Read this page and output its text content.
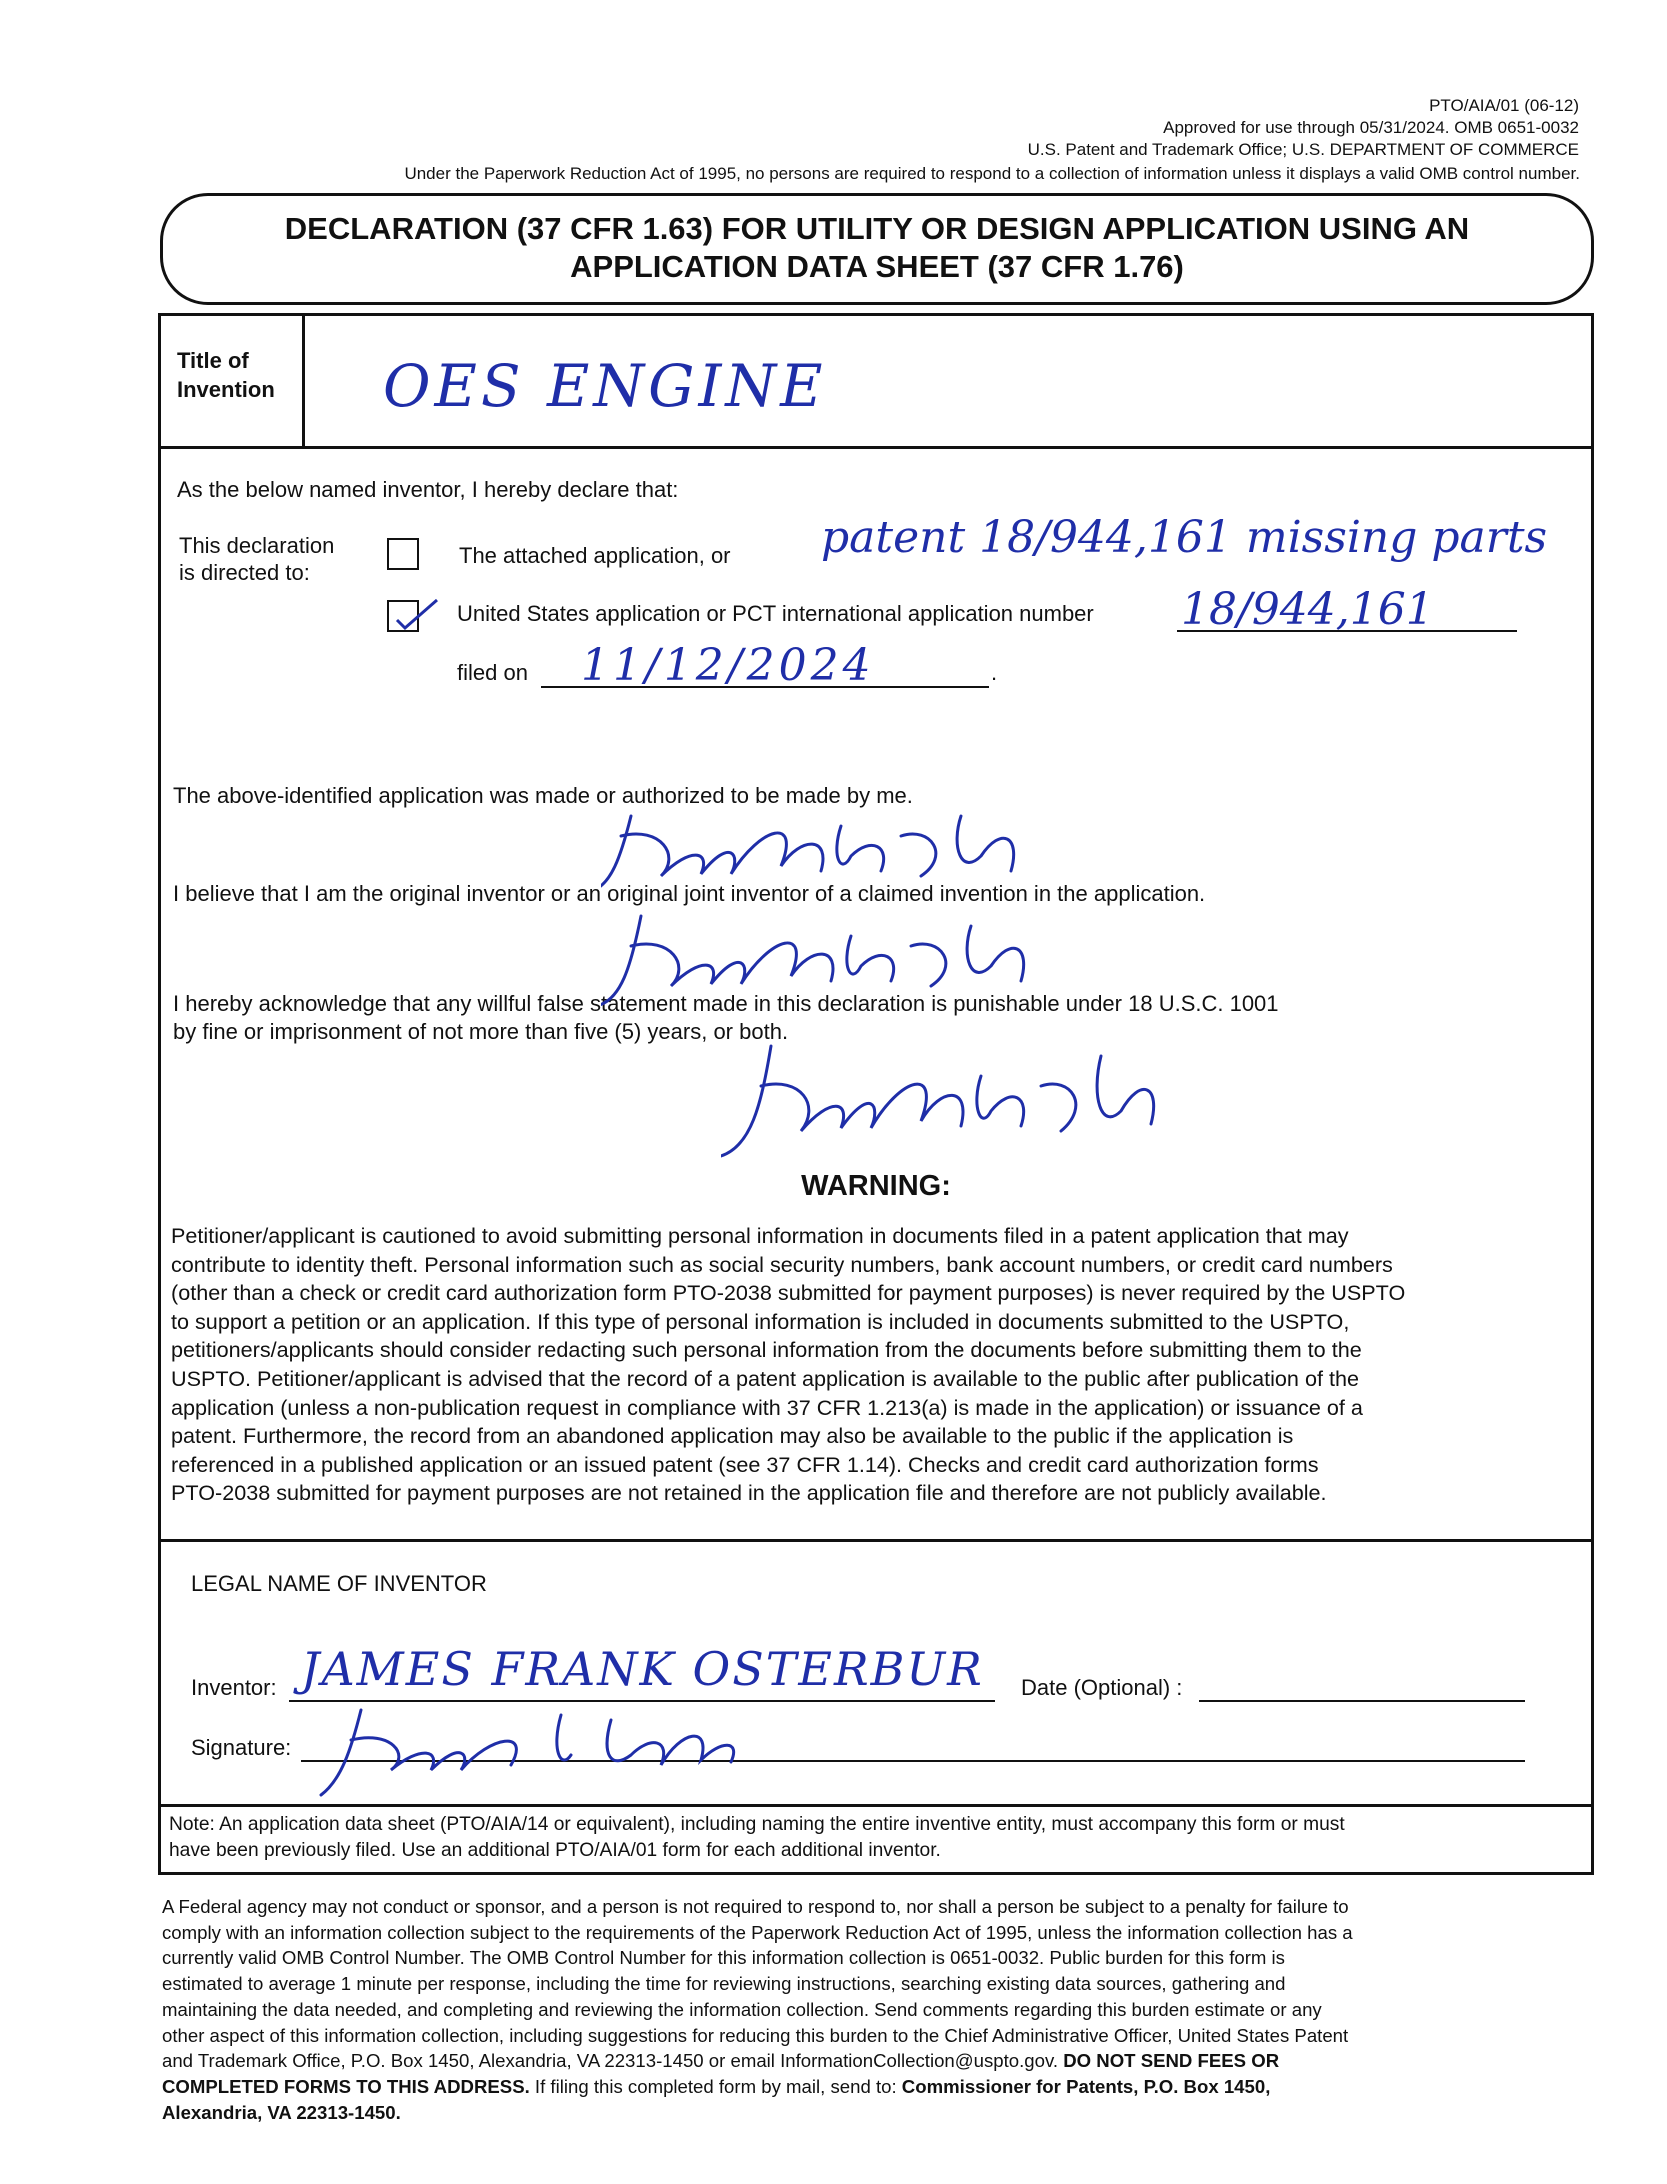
PTO/AIA/01 (06-12)
Approved for use through 05/31/2024. OMB 0651-0032
U.S. Patent and Trademark Office; U.S. DEPARTMENT OF COMMERCE
Under the Paperwork Reduction Act of 1995, no persons are required to respond to a collection of information unless it displays a valid OMB control number.
DECLARATION (37 CFR 1.63) FOR UTILITY OR DESIGN APPLICATION USING AN
APPLICATION DATA SHEET (37 CFR 1.76)
Title of
Invention OES ENGINE
As the below named inventor, I hereby declare that:
This declaration
is directed to:
The attached application, or patent 18/944,161 missing parts
United States application or PCT international application number 18/944,161
filed on 11/12/2024	.
The above-identified application was made or authorized to be made by me.
I believe that I am the original inventor or an original joint inventor of a claimed invention in the application.
I hereby acknowledge that any willful false statement made in this declaration is punishable under 18 U.S.C. 1001
by fine or imprisonment of not more than five (5) years, or both.
WARNING:
Petitioner/applicant is cautioned to avoid submitting personal information in documents filed in a patent application that may
contribute to identity theft. Personal information such as social security numbers, bank account numbers, or credit card numbers
(other than a check or credit card authorization form PTO-2038 submitted for payment purposes) is never required by the USPTO
to support a petition or an application. If this type of personal information is included in documents submitted to the USPTO,
petitioners/applicants should consider redacting such personal information from the documents before submitting them to the
USPTO. Petitioner/applicant is advised that the record of a patent application is available to the public after publication of the
application (unless a non-publication request in compliance with 37 CFR 1.213(a) is made in the application) or issuance of a
patent. Furthermore, the record from an abandoned application may also be available to the public if the application is
referenced in a published application or an issued patent (see 37 CFR 1.14). Checks and credit card authorization forms
PTO-2038 submitted for payment purposes are not retained in the application file and therefore are not publicly available.
LEGAL NAME OF INVENTOR
Inventor: JAMES FRANK OSTERBUR Date (Optional) :
Signature:
Note: An application data sheet (PTO/AIA/14 or equivalent), including naming the entire inventive entity, must accompany this form or must
have been previously filed. Use an additional PTO/AIA/01 form for each additional inventor.
A Federal agency may not conduct or sponsor, and a person is not required to respond to, nor shall a person be subject to a penalty for failure to
comply with an information collection subject to the requirements of the Paperwork Reduction Act of 1995, unless the information collection has a
currently valid OMB Control Number. The OMB Control Number for this information collection is 0651-0032. Public burden for this form is
estimated to average 1 minute per response, including the time for reviewing instructions, searching existing data sources, gathering and
maintaining the data needed, and completing and reviewing the information collection. Send comments regarding this burden estimate or any
other aspect of this information collection, including suggestions for reducing this burden to the Chief Administrative Officer, United States Patent
and Trademark Office, P.O. Box 1450, Alexandria, VA 22313-1450 or email InformationCollection@uspto.gov. DO NOT SEND FEES OR
COMPLETED FORMS TO THIS ADDRESS. If filing this completed form by mail, send to: Commissioner for Patents, P.O. Box 1450,
Alexandria, VA 22313-1450.
